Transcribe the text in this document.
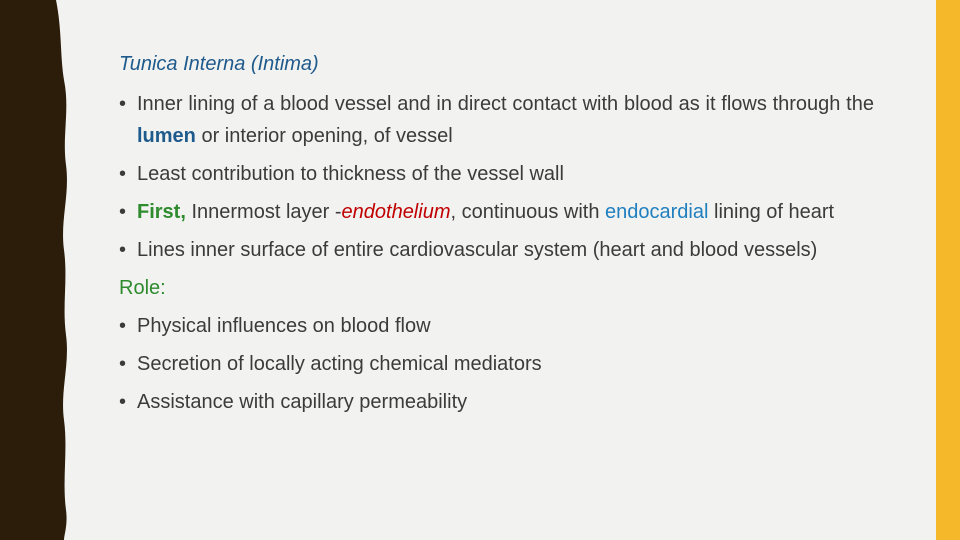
Tunica Interna (Intima)
• Inner lining of a blood vessel and in direct contact with blood as it flows through the lumen or interior opening, of vessel
• Least contribution to thickness of the vessel wall
• First, Innermost layer -endothelium, continuous with endocardial lining of heart
• Lines inner surface of entire cardiovascular system (heart and blood vessels)
Role:
• Physical influences on blood flow
• Secretion of locally acting chemical mediators
• Assistance with capillary permeability
